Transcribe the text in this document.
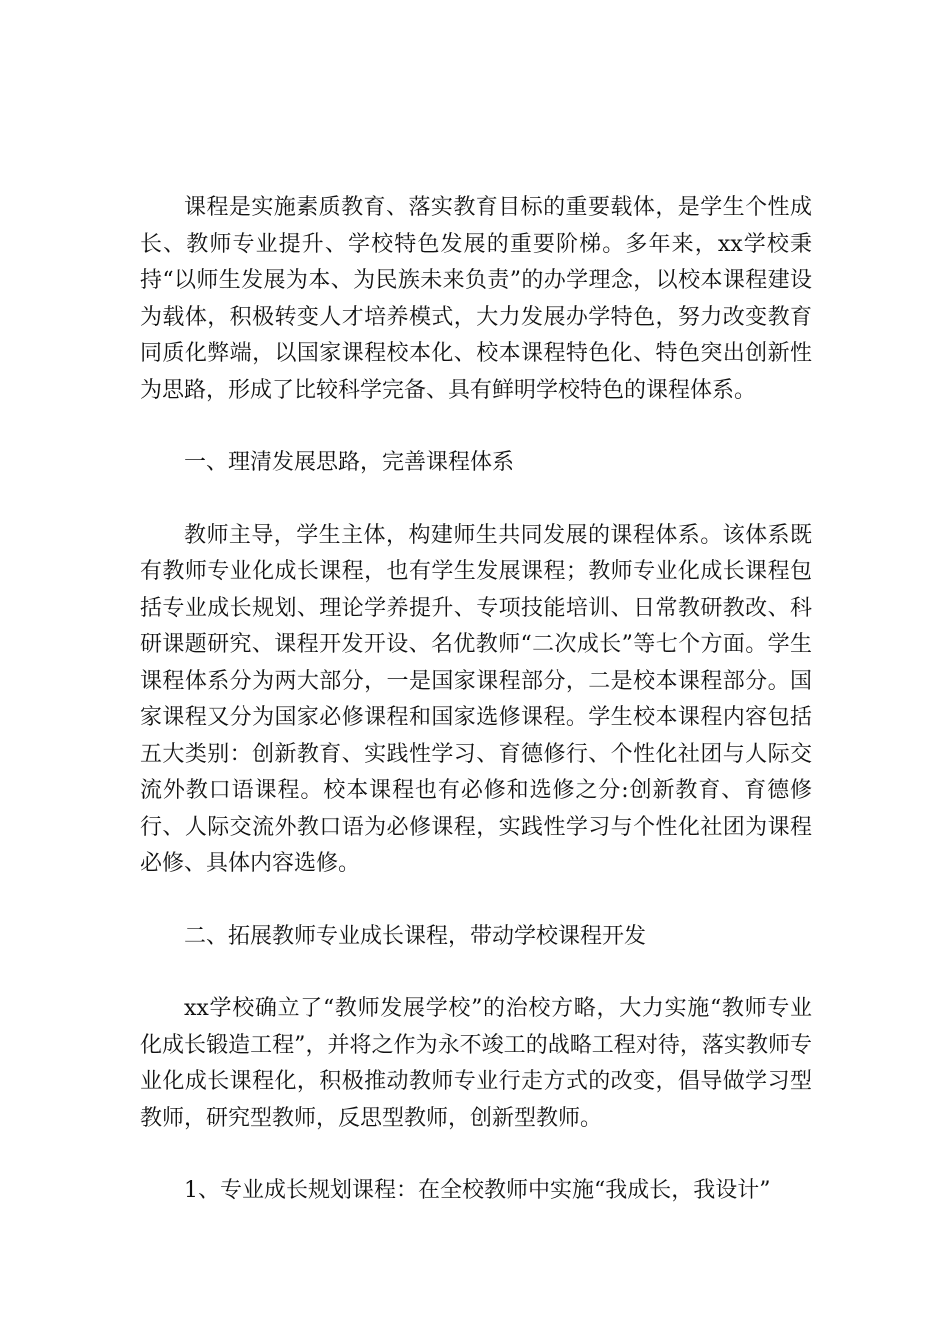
课程是实施素质教育、落实教育目标的重要载体，是学生个性成长、教师专业提升、学校特色发展的重要阶梯。多年来，xx学校秉持“以师生发展为本、为民族未来负责”的办学理念，以校本课程建设为载体，积极转变人才培养模式，大力发展办学特色，努力改变教育同质化弊端，以国家课程校本化、校本课程特色化、特色突出创新性为思路，形成了比较科学完备、具有鲜明学校特色的课程体系。

一、理清发展思路，完善课程体系

教师主导，学生主体，构建师生共同发展的课程体系。该体系既有教师专业化成长课程，也有学生发展课程；教师专业化成长课程包括专业成长规划、理论学养提升、专项技能培训、日常教研教改、科研课题研究、课程开发开设、名优教师“二次成长”等七个方面。学生课程体系分为两大部分，一是国家课程部分，二是校本课程部分。国家课程又分为国家必修课程和国家选修课程。学生校本课程内容包括五大类别：创新教育、实践性学习、育德修行、个性化社团与人际交流外教口语课程。校本课程也有必修和选修之分:创新教育、育德修行、人际交流外教口语为必修课程，实践性学习与个性化社团为课程必修、具体内容选修。

二、拓展教师专业成长课程，带动学校课程开发

xx学校确立了“教师发展学校”的治校方略，大力实施“教师专业化成长锻造工程”，并将之作为永不竣工的战略工程对待，落实教师专业化成长课程化，积极推动教师专业行走方式的改变，倡导做学习型教师，研究型教师，反思型教师，创新型教师。

1、专业成长规划课程：在全校教师中实施“我成长，我设计”
